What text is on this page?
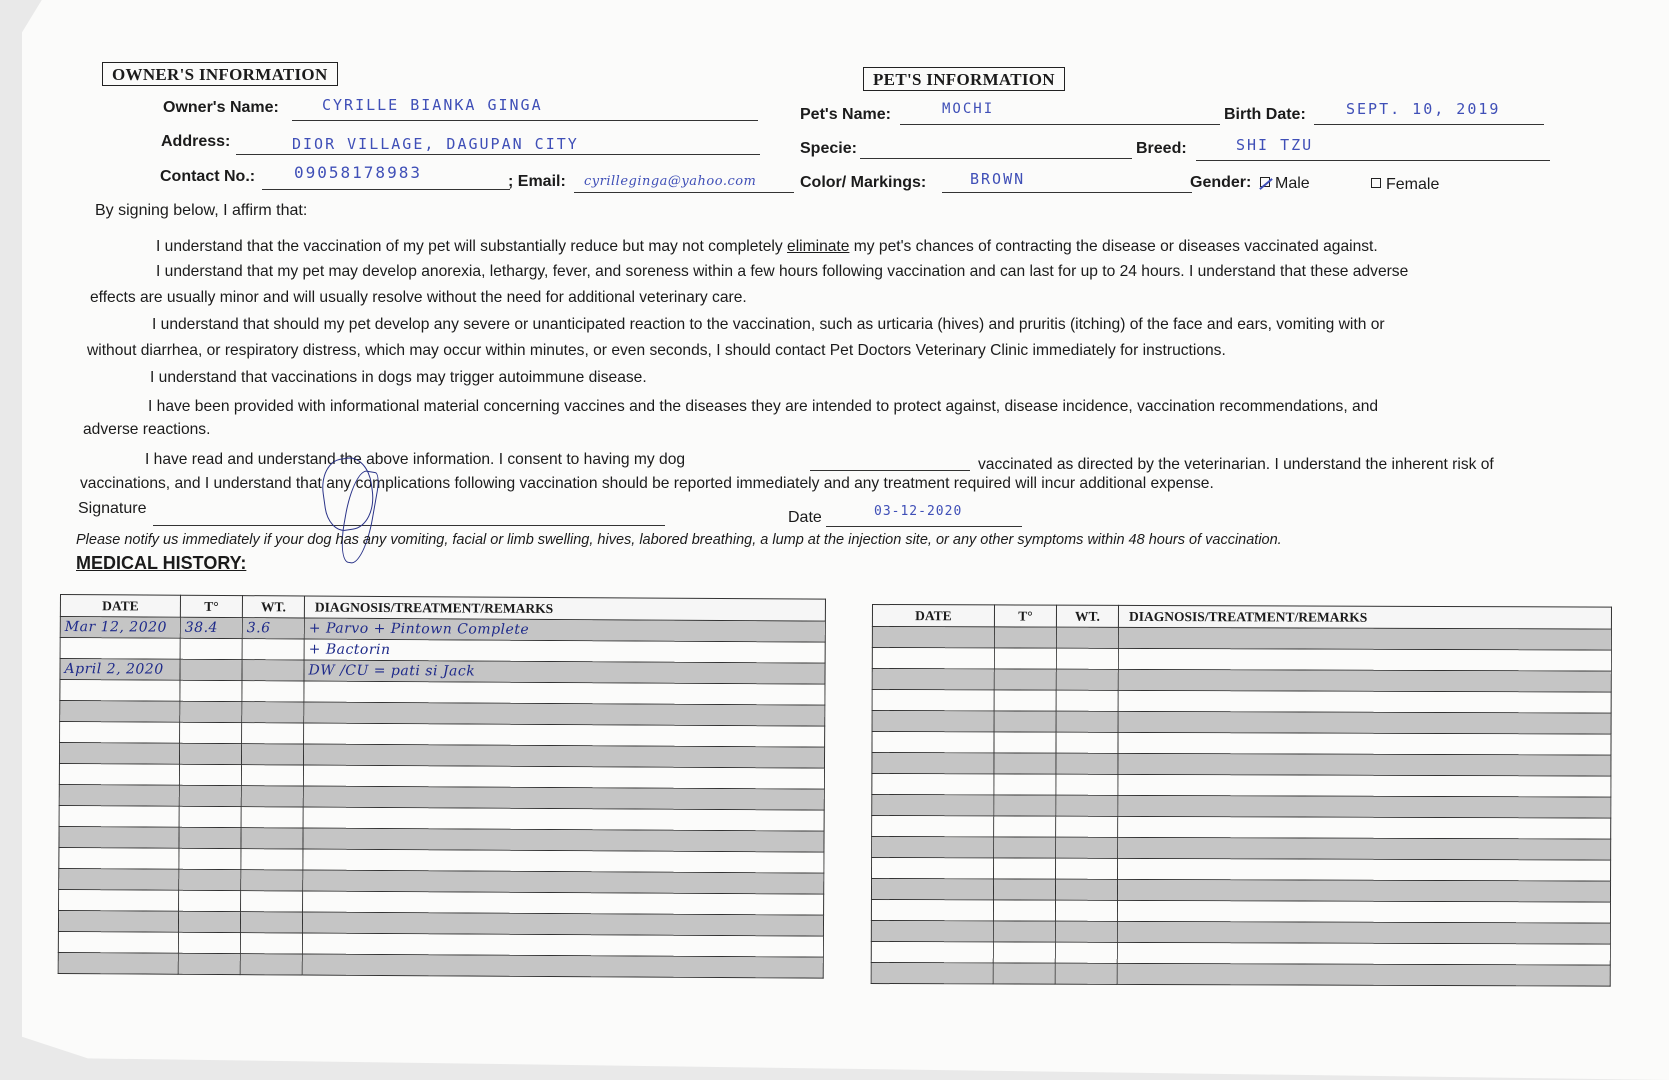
OWNER'S INFORMATION
Owner's Name:	CYRILLE BIANKA GINGA
Address:	DIOR VILLAGE, DAGUPAN CITY
Contact No.: 09058178983	; Email: cyrilleginga@yahoo.com
PET'S INFORMATION
Pet's Name:	MOCHI	Birth Date:	SEPT. 10, 2019
Specie:	Breed:	SHI TZU
Color/ Markings:	BROWN	Gender:	Male	Female
By signing below, I affirm that:
I understand that the vaccination of my pet will substantially reduce but may not completely eliminate my pet's chances of contracting the disease or diseases vaccinated against.
I understand that my pet may develop anorexia, lethargy, fever, and soreness within a few hours following vaccination and can last for up to 24 hours. I understand that these adverse
effects are usually minor and will usually resolve without the need for additional veterinary care.
I understand that should my pet develop any severe or unanticipated reaction to the vaccination, such as urticaria (hives) and pruritis (itching) of the face and ears, vomiting with or
without diarrhea, or respiratory distress, which may occur within minutes, or even seconds, I should contact Pet Doctors Veterinary Clinic immediately for instructions.
I understand that vaccinations in dogs may trigger autoimmune disease.
I have been provided with informational material concerning vaccines and the diseases they are intended to protect against, disease incidence, vaccination recommendations, and
adverse reactions.
I have read and understand the above information. I consent to having my dog	vaccinated as directed by the veterinarian. I understand the inherent risk of
vaccinations, and I understand that any complications following vaccination should be reported immediately and any treatment required will incur additional expense.
Signature
Date	03-12-2020
Please notify us immediately if your dog has any vomiting, facial or limb swelling, hives, labored breathing, a lump at the injection site, or any other symptoms within 48 hours of vaccination.
MEDICAL HISTORY:
DATE	T°	WT.	DIAGNOSIS/TREATMENT/REMARKS
Mar 12, 2020	38.4	3.6	+ Parvo + Pintown Complete
			+ Bactorin
April 2, 2020			DW /CU = pati si Jack

DATE	T°	WT.	DIAGNOSIS/TREATMENT/REMARKS
